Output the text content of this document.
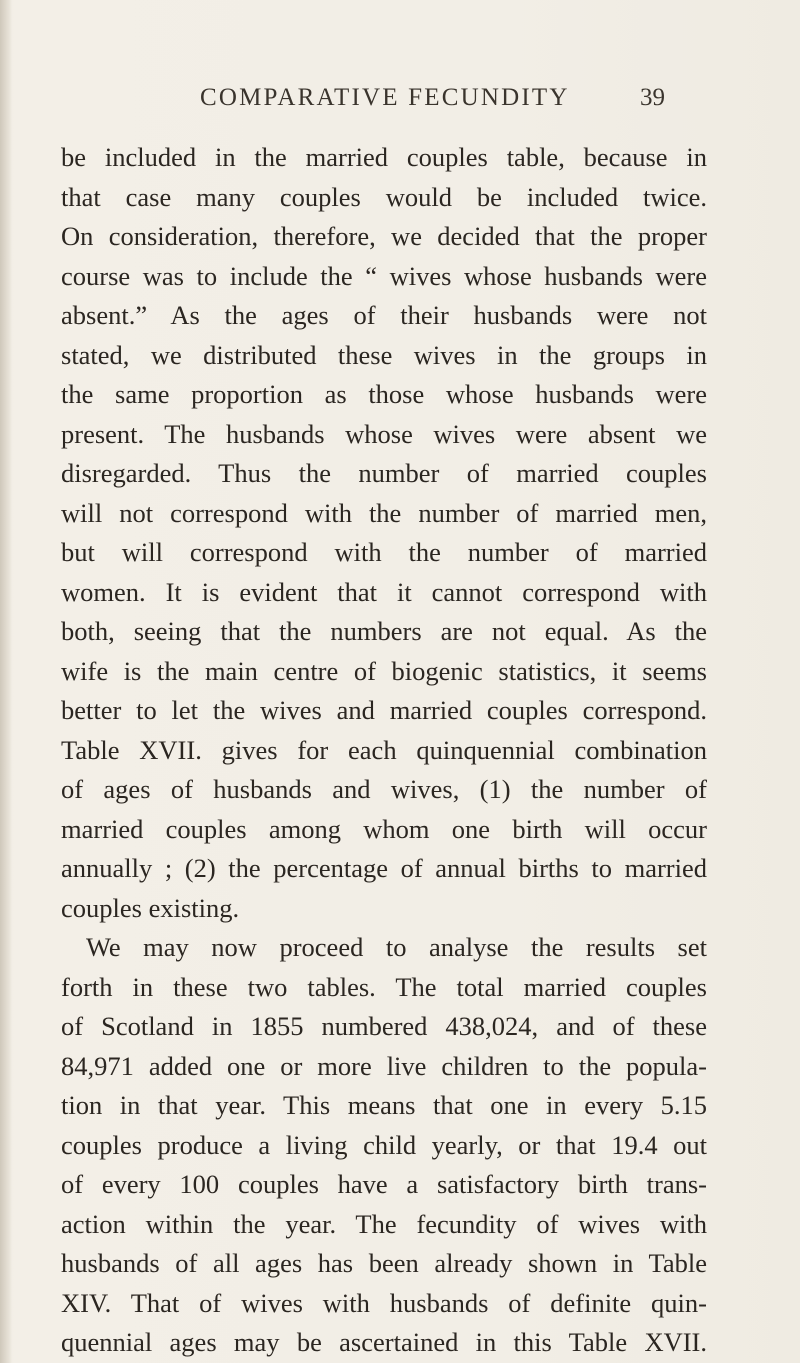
COMPARATIVE FECUNDITY	39
be included in the married couples table, because in
that case many couples would be included twice.
On consideration, therefore, we decided that the proper
course was to include the “ wives whose husbands were
absent.” As the ages of their husbands were not
stated, we distributed these wives in the groups in
the same proportion as those whose husbands were
present. The husbands whose wives were absent we
disregarded. Thus the number of married couples
will not correspond with the number of married men,
but will correspond with the number of married
women. It is evident that it cannot correspond with
both, seeing that the numbers are not equal. As the
wife is the main centre of biogenic statistics, it seems
better to let the wives and married couples correspond.
Table XVII. gives for each quinquennial combination
of ages of husbands and wives, (1) the number of
married couples among whom one birth will occur
annually ; (2) the percentage of annual births to married
couples existing.
We may now proceed to analyse the results set
forth in these two tables. The total married couples
of Scotland in 1855 numbered 438,024, and of these
84,971 added one or more live children to the popula-
tion in that year. This means that one in every 5.15
couples produce a living child yearly, or that 19.4 out
of every 100 couples have a satisfactory birth trans-
action within the year. The fecundity of wives with
husbands of all ages has been already shown in Table
XIV. That of wives with husbands of definite quin-
quennial ages may be ascertained in this Table XVII.
